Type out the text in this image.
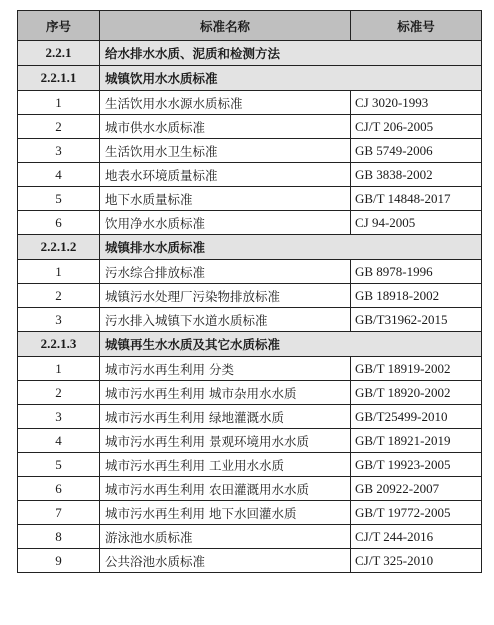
序号	标准名称	标准号
2.2.1	给水排水水质、泥质和检测方法	
2.2.1.1	城镇饮用水水质标准	
1	生活饮用水水源水质标准	CJ 3020-1993
2	城市供水水质标准	CJ/T 206-2005
3	生活饮用水卫生标准	GB 5749-2006
4	地表水环境质量标准	GB 3838-2002
5	地下水质量标准	GB/T 14848-2017
6	饮用净水水质标准	CJ 94-2005
2.2.1.2	城镇排水水质标准	
1	污水综合排放标准	GB 8978-1996
2	城镇污水处理厂污染物排放标准	GB 18918-2002
3	污水排入城镇下水道水质标准	GB/T31962-2015
2.2.1.3	城镇再生水水质及其它水质标准	
1	城市污水再生利用 分类	GB/T 18919-2002
2	城市污水再生利用 城市杂用水水质	GB/T 18920-2002
3	城市污水再生利用 绿地灌溉水质	GB/T25499-2010
4	城市污水再生利用 景观环境用水水质	GB/T 18921-2019
5	城市污水再生利用 工业用水水质	GB/T 19923-2005
6	城市污水再生利用 农田灌溉用水水质	GB 20922-2007
7	城市污水再生利用 地下水回灌水质	GB/T 19772-2005
8	游泳池水质标准	CJ/T 244-2016
9	公共浴池水质标准	CJ/T 325-2010
